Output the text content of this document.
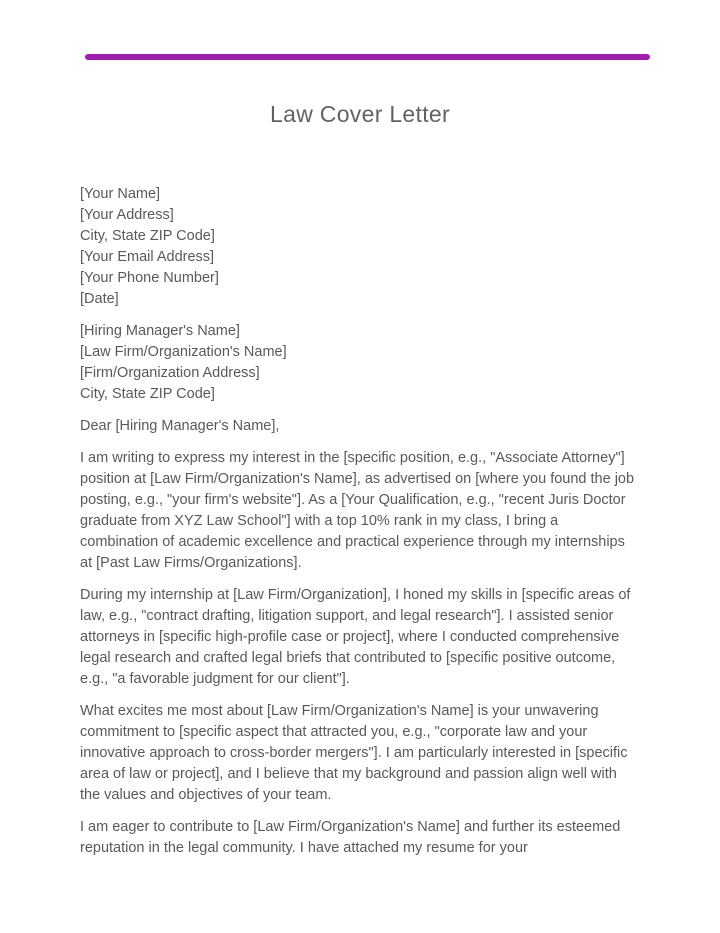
Law Cover Letter
[Your Name]
[Your Address]
City, State ZIP Code]
[Your Email Address]
[Your Phone Number]
[Date]
[Hiring Manager's Name]
[Law Firm/Organization's Name]
[Firm/Organization Address]
City, State ZIP Code]

Dear [Hiring Manager's Name],

I am writing to express my interest in the [specific position, e.g., "Associate Attorney"] position at [Law Firm/Organization's Name], as advertised on [where you found the job posting, e.g., "your firm's website"]. As a [Your Qualification, e.g., "recent Juris Doctor graduate from XYZ Law School"] with a top 10% rank in my class, I bring a combination of academic excellence and practical experience through my internships at [Past Law Firms/Organizations].
During my internship at [Law Firm/Organization], I honed my skills in [specific areas of law, e.g., "contract drafting, litigation support, and legal research"]. I assisted senior attorneys in [specific high-profile case or project], where I conducted comprehensive legal research and crafted legal briefs that contributed to [specific positive outcome, e.g., "a favorable judgment for our client"].
What excites me most about [Law Firm/Organization's Name] is your unwavering commitment to [specific aspect that attracted you, e.g., "corporate law and your innovative approach to cross-border mergers"]. I am particularly interested in [specific area of law or project], and I believe that my background and passion align well with the values and objectives of your team.
I am eager to contribute to [Law Firm/Organization's Name] and further its esteemed reputation in the legal community. I have attached my resume for your
